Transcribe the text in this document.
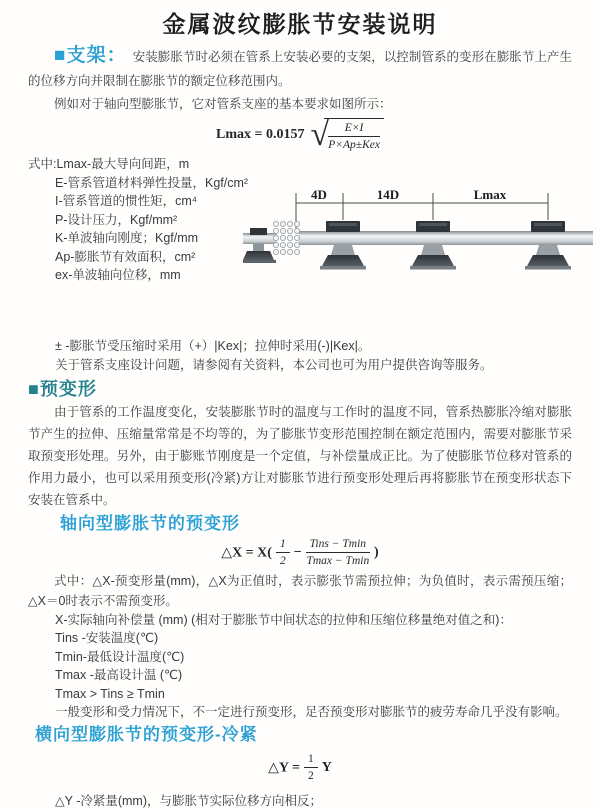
金属波纹膨胀节安装说明

■支架： 安装膨胀节时必须在管系上安装必要的支架，以控制管系的变形在膨胀节上产生的位移方向并限制在膨胀节的额定位移范围内。

例如对于轴向型膨胀节，它对管系支座的基本要求如图所示：

Lmax = 0.0157 √ $\frac{E\times I}{\text{P×Ap±Kex}}$
式中:Lmax-最大导向间距，m
E-管系管道材料弹性投量，Kgf/cm²
I-管系管道的惯性矩，cm⁴
P-设计压力，Kgf/mm²
K-单波轴向刚度；Kgf/mm
Ap-膨胀节有效面积，cm²
ex-单波轴向位移，mm
4D	14D	Lmax
± -膨胀节受压缩时采用（+）|Kex|；拉伸时采用(-)|Kex|。
关于管系支座设计问题，请参阅有关资料，本公司也可为用户提供咨询等服务。
■预变形

由于管系的工作温度变化，安装膨胀节时的温度与工作时的温度不同，管系热膨胀冷缩对膨胀节产生的拉伸、压缩量常常是不均等的，为了膨胀节变形范围控制在额定范围内，需要对膨胀节采取预变形处理。另外，由于膨账节刚度是一个定值，与补偿量成正比。为了使膨胀节位移对管系的作用力最小，也可以采用预变形(冷紧)方让对膨胀节进行预变形处理后再将膨胀节在预变形状态下安装在管系中。

轴向型膨胀节的预变形
△X = $X( \frac{1}{2} - \frac{\text{Tins − Tmin}}{Tmax - Tmin}$ )

式中：△X-预变形量(mm)，△X为正值时，表示膨张节需预拉伸；为负值时，表示需预压缩；△X＝0时表示不需预变形。

X-实际轴向补偿量 (mm) (相对于膨胀节中间状态的拉伸和压缩位移量绝对值之和)：
Tins -安装温度(℃)
Tmin-最低设计温度(℃)
Tmax -最高设计温 (℃)
Tmax > Tins ≥ Tmin
一般变形和受力情况下，不一定进行预变形，足否预变形对膨胀节的疲劳寿命几乎没有影响。
横向型膨胀节的预变形-冷紧
△Y = $\frac{1}{2}$ Y
△Y -冷紧量(mm)，与膨胀节实际位移方向相反；
